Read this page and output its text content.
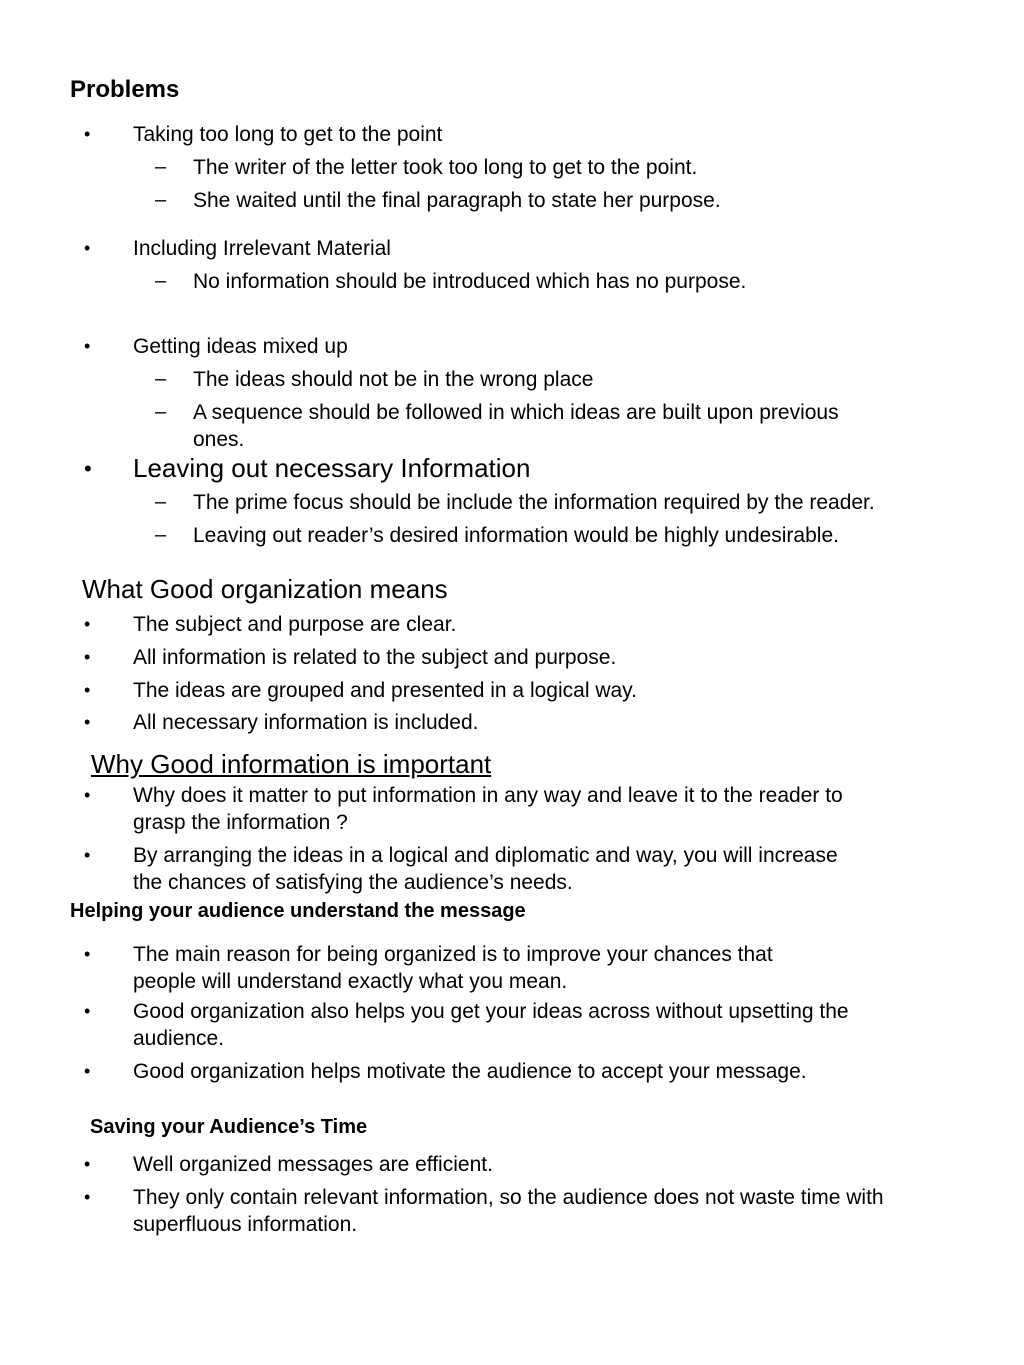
Problems
• Taking too long to get to the point
– The writer of the letter took too long to get to the point.
– She waited until the final paragraph to state her purpose.
• Including Irrelevant Material
– No information should be introduced which has no purpose.
• Getting ideas mixed up
– The ideas should not be in the wrong place
– A sequence should be followed in which ideas are built upon previous
ones.
• Leaving out necessary Information
– The prime focus should be include the information required by the reader.
– Leaving out reader’s desired information would be highly undesirable.
What Good organization means
• The subject and purpose are clear.
• All information is related to the subject and purpose.
• The ideas are grouped and presented in a logical way.
• All necessary information is included.
Why Good information is important
• Why does it matter to put information in any way and leave it to the reader to
grasp the information ?
• By arranging the ideas in a logical and diplomatic and way, you will increase
the chances of satisfying the audience’s needs.
Helping your audience understand the message
• The main reason for being organized is to improve your chances that
people will understand exactly what you mean.
• Good organization also helps you get your ideas across without upsetting the
audience.
• Good organization helps motivate the audience to accept your message.
Saving your Audience’s Time
• Well organized messages are efficient.
• They only contain relevant information, so the audience does not waste time with
superfluous information.
